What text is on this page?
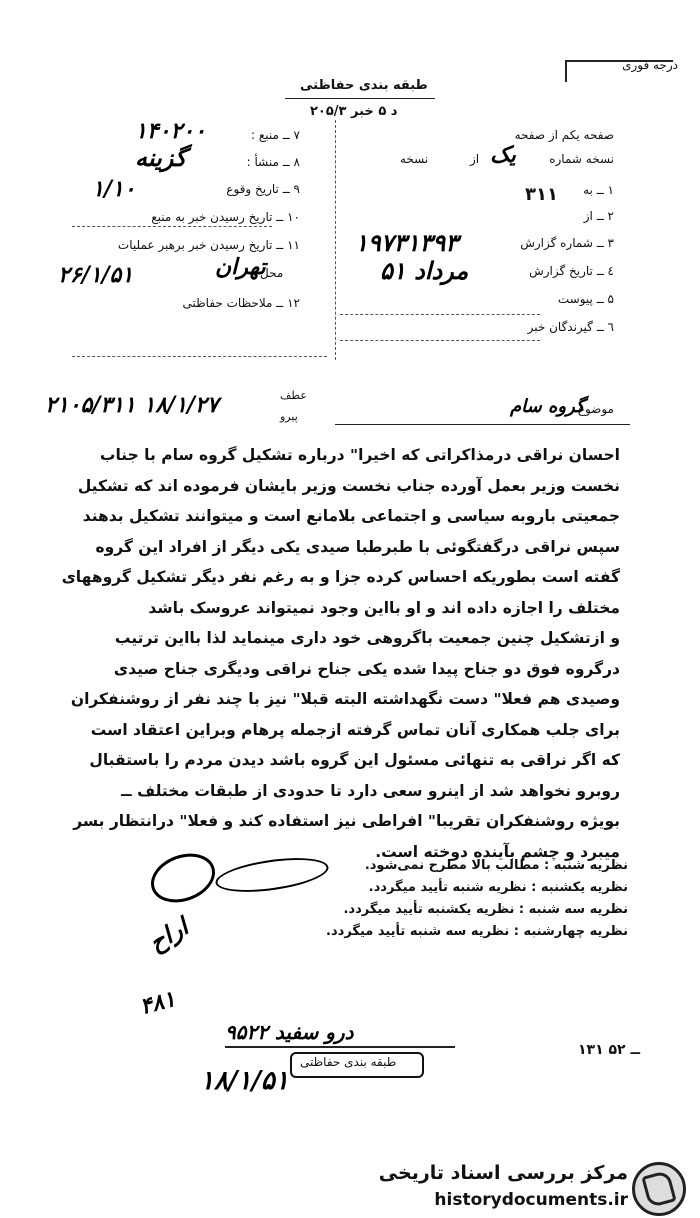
درجه فوری
طبقه بندی حفاظتی
۲۰۵/۳ د ۵ خبر
صفحه یکم از صفحه
نسخه شماره
از
نسخه	یک
۷ ــ منبع :
۱۴۰۲۰۰
۸ ــ منشأ :
گزینه
۹ ــ تاریخ وقوع
۱/۱۰
۱۰ ــ تاریخ رسیدن خبر به منبع
۱۱ ــ تاریخ رسیدن خبر برهبر عملیات
۲۶/۱/۵۱
۱۲ ــ ملاحظات حفاظتی
۱ ــ به
۳۱۱
۲ ــ از
۳ ــ شماره گزارش
۱۹۷۳۱۳۹۳
٤ ــ تاریخ گزارش
مرداد ۵۱
۵ ــ پیوست
٦ ــ گیرندگان خبر
محل
تهران
موضوع
گروه سام
عطف
پیرو
۲۱۰۵/۳۱۱ ۱۸/۱/۲۷
احسان نراقی درمذاکراتی که اخیرا" درباره تشکیل گروه سام با جناب
نخست وزیر بعمل آورده جناب نخست وزیر بایشان فرموده اند که تشکیل
جمعیتی باروبه سیاسی و اجتماعی بلامانع است و میتوانند تشکیل بدهند
سپس نراقی درگفتگوئی با طبرطبا صیدی یکی دیگر از افراد این گروه
گفته است بطوریکه احساس کرده جزا و به رغم نفر دیگر تشکیل گروههای
مختلف را اجازه داده اند و او بااین وجود نمیتواند عروسک باشد
و ازتشکیل چنین جمعیت باگروهی خود داری مینماید لذا بااین ترتیب
درگروه فوق دو جناح پیدا شده یکی جناح نراقی ودیگری جناح صیدی
وصیدی هم فعلا" دست نگهداشته البته قبلا" نیز با چند نفر از روشنفکران
برای جلب همکاری آنان تماس گرفته ازجمله پرهام وبراین اعتقاد است
که اگر نراقی به تنهائی مسئول این گروه باشد دیدن مردم را باستقبال
روبرو نخواهد شد از اینرو سعی دارد تا حدودی از طبقات مختلف ــ
بویژه روشنفکران تقریبا" افراطی نیز استفاده کند و فعلا" درانتظار بسر
میبرد و چشم بآینده دوخته است.
نظریه شنبه : مطالب بالا مطرح نمی‌شود.
نظریه یکشنبه : نظریه شنبه تأیید میگردد.
نظریه سه شنبه : نظریه یکشنبه تأیید میگردد.
نظریه چهارشنبه : نظریه سه شنبه تأیید میگردد.
اراح
۴۸۱
درو سفید ۹۵۲۲
طبقه بندی حفاظتی
۱۸/۱/۵۱
۱۳۱ ــ ۵۲
مرکز بررسی اسناد تاریخی
historydocuments.ir
